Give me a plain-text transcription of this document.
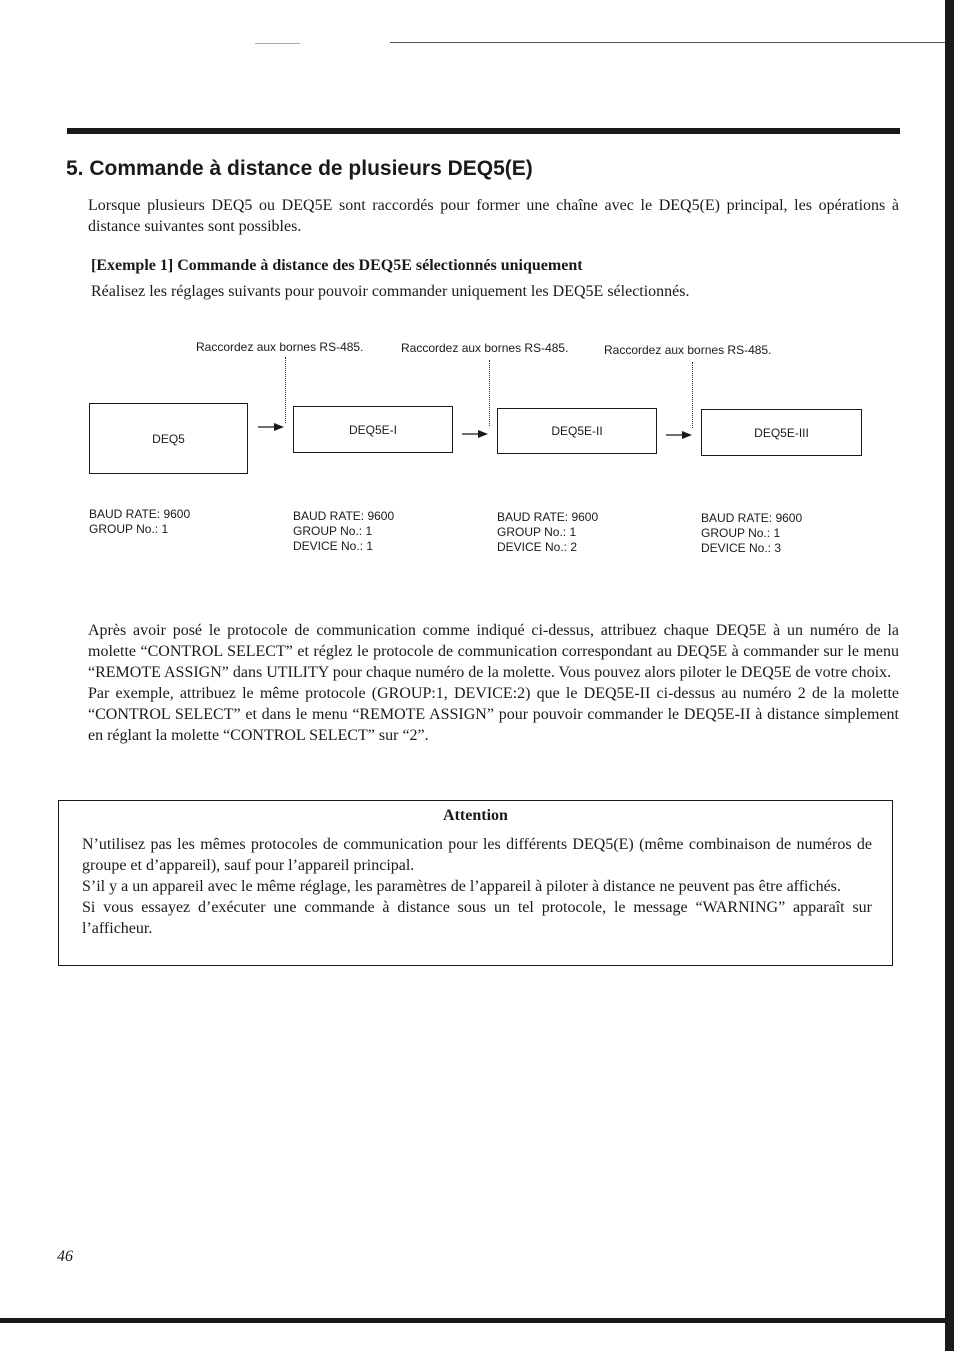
5. Commande à distance de plusieurs DEQ5(E)
Lorsque plusieurs DEQ5 ou DEQ5E sont raccordés pour former une chaîne avec le DEQ5(E) principal, les opérations à distance suivantes sont possibles.
[Exemple 1] Commande à distance des DEQ5E sélectionnés uniquement
Réalisez les réglages suivants pour pouvoir commander uniquement les DEQ5E sélectionnés.
Raccordez aux bornes RS-485.	Raccordez aux bornes RS-485.	Raccordez aux bornes RS-485.
DEQ5
DEQ5E-I	DEQ5E-II	DEQ5E-III
BAUD RATE: 9600
GROUP No.: 1
BAUD RATE: 9600
GROUP No.: 1
DEVICE No.: 1
BAUD RATE: 9600
GROUP No.: 1
DEVICE No.: 2
BAUD RATE: 9600
GROUP No.: 1
DEVICE No.: 3

Après avoir posé le protocole de communication comme indiqué ci-dessus, attribuez chaque DEQ5E à un numéro de la molette “CONTROL SELECT” et réglez le protocole de communication correspondant au DEQ5E à commander sur le menu “REMOTE ASSIGN” dans UTILITY pour chaque numéro de la molette. Vous pouvez alors piloter le DEQ5E de votre choix.

Par exemple, attribuez le même protocole (GROUP:1, DEVICE:2) que le DEQ5E-II ci-dessus au numéro 2 de la molette “CONTROL SELECT” et dans le menu “REMOTE ASSIGN” pour pouvoir commander le DEQ5E-II à distance simplement en réglant la molette “CONTROL SELECT” sur “2”.

Attention

N’utilisez pas les mêmes protocoles de communication pour les différents DEQ5(E) (même combinaison de numéros de groupe et d’appareil), sauf pour l’appareil principal.

S’il y a un appareil avec le même réglage, les paramètres de l’appareil à piloter à distance ne peuvent pas être affichés.

Si vous essayez d’exécuter une commande à distance sous un tel protocole, le message “WARNING” apparaît sur l’afficheur.

46
